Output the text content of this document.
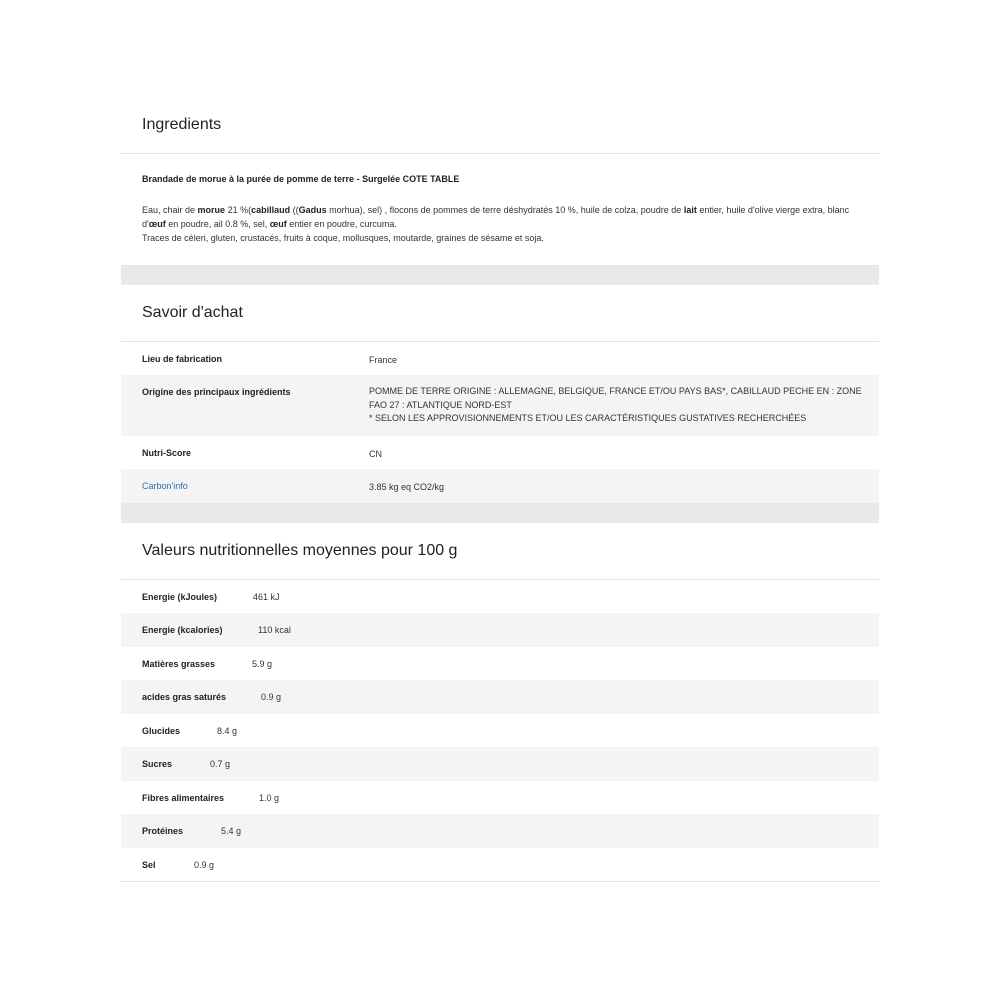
Ingredients
Brandade de morue à la purée de pomme de terre - Surgelée COTE TABLE
Eau, chair de morue 21 %(cabillaud ((Gadus morhua), sel) , flocons de pommes de terre déshydratés 10 %, huile de colza, poudre de lait entier, huile d'olive vierge extra, blanc d'œuf en poudre, ail 0.8 %, sel, œuf entier en poudre, curcuma.
Traces de céleri, gluten, crustacés, fruits à coque, mollusques, moutarde, graines de sésame et soja.
Savoir d'achat
Lieu de fabrication	France
Origine des principaux ingrédients	POMME DE TERRE ORIGINE : ALLEMAGNE, BELGIQUE, FRANCE ET/OU PAYS BAS*, CABILLAUD PECHE EN : ZONE FAO 27 : ATLANTIQUE NORD-EST
* SELON LES APPROVISIONNEMENTS ET/OU LES CARACTÉRISTIQUES GUSTATIVES RECHERCHÉES
Nutri-Score	CN
Carbon'info	3.85 kg eq CO2/kg
Valeurs nutritionnelles moyennes pour 100 g
Energie (kJoules)	461 kJ
Energie (kcalories)	110 kcal
Matières grasses	5.9 g
acides gras saturés	0.9 g
Glucides	8.4 g
Sucres	0.7 g
Fibres alimentaires	1.0 g
Protéines	5.4 g
Sel	0.9 g
